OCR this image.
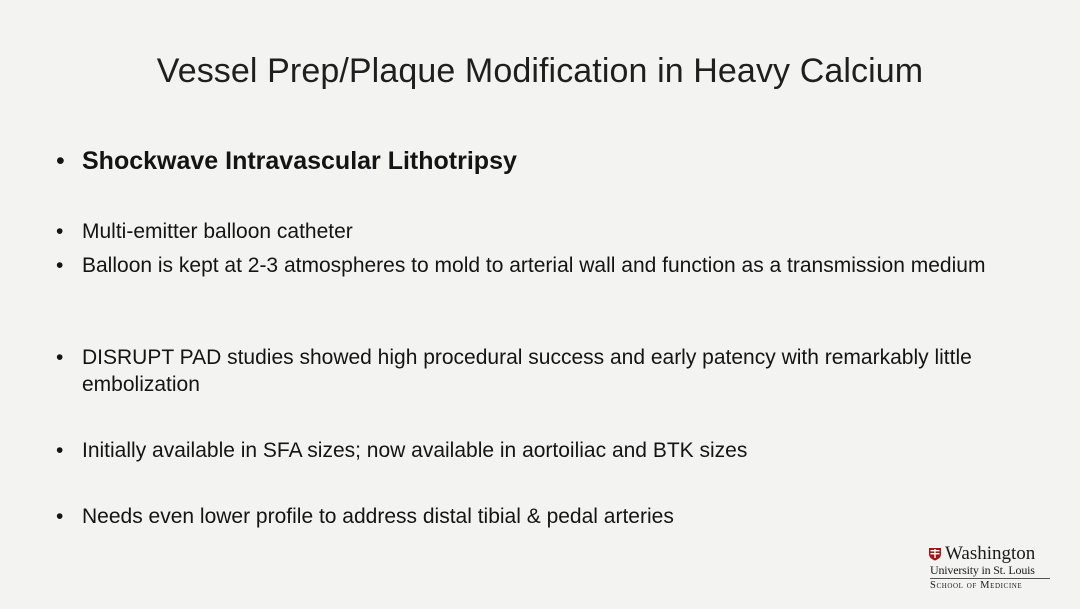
Vessel Prep/Plaque Modification in Heavy Calcium
• Shockwave Intravascular Lithotripsy
• Multi-emitter balloon catheter
• Balloon is kept at 2-3 atmospheres to mold to arterial wall and function as a transmission medium
• DISRUPT PAD studies showed high procedural success and early patency with remarkably little embolization
• Initially available in SFA sizes; now available in aortoiliac and BTK sizes
• Needs even lower profile to address distal tibial & pedal arteries
Washington
University in St. Louis
School of Medicine
